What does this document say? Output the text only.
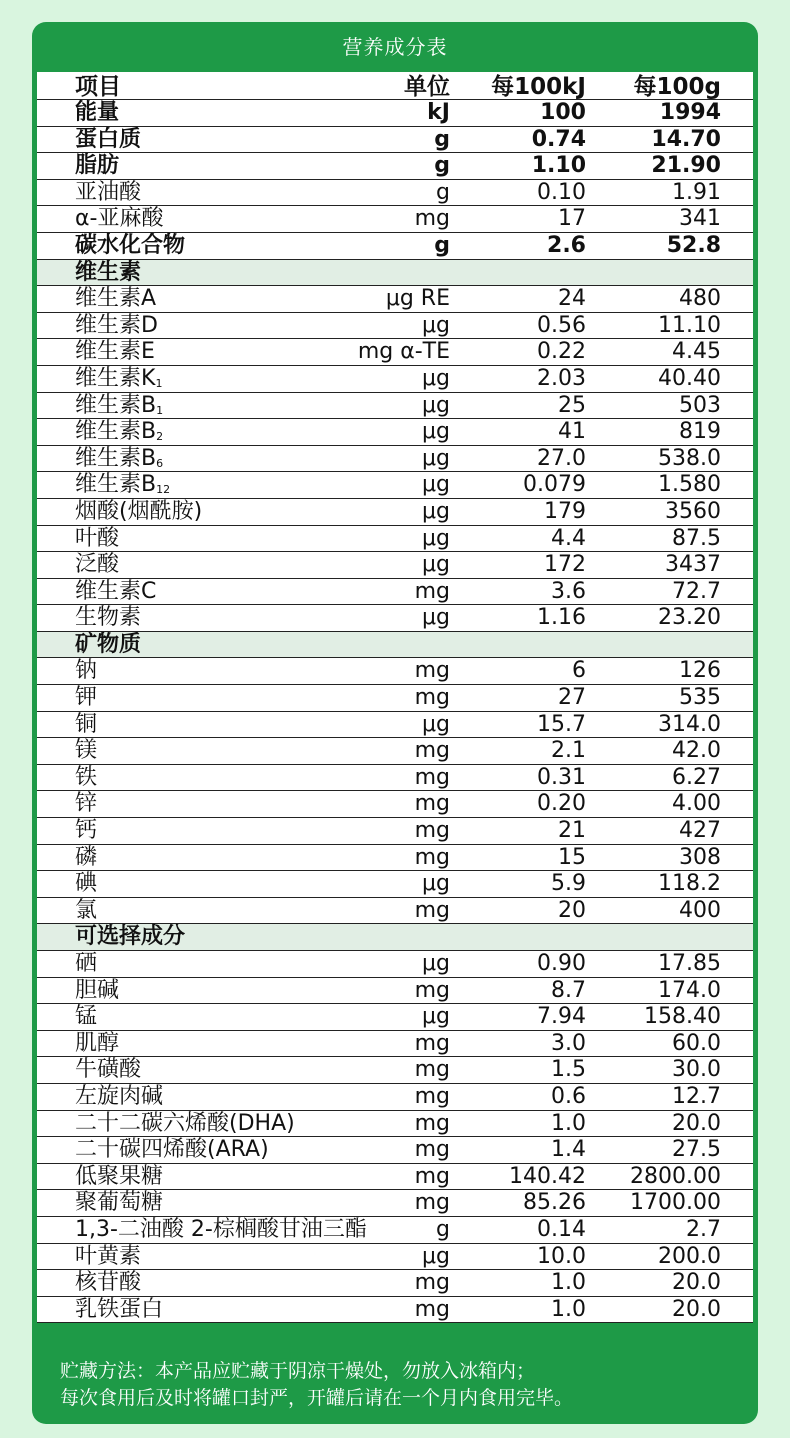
营养成分表
项目	单位 每100kJ 每100g
能量	kJ	100	1994
蛋白质	g	0.74	14.70
脂肪	g	1.10	21.90
亚油酸	g	0.10	1.91
α-亚麻酸	mg	17	341
碳水化合物	g	2.6	52.8
维生素
维生素A	μg RE	24	480
维生素D	μg	0.56	11.10
维生素E	mg α-TE	0.22	4.45
维生素$K_1$	μg	2.03	40.40
维生素$B_1$	μg	25	503
维生素$B_2$	μg	41	819
维生素$B_6$	μg	27.0	538.0
维生素$B_{12}$	μg	0.079	1.580
烟酸(烟酰胺)	μg	179	3560
叶酸	μg	4.4	87.5
泛酸	μg	172	3437
维生素C	mg	3.6	72.7
生物素	μg	1.16	23.20
矿物质
钠	mg	6	126
钾	mg	27	535
铜	μg	15.7	314.0
镁	mg	2.1	42.0
铁	mg	0.31	6.27
锌	mg	0.20	4.00
钙	mg	21	427
磷	mg	15	308
碘	μg	5.9	118.2
氯	mg	20	400
可选择成分
硒	μg	0.90	17.85
胆碱	mg	8.7	174.0
锰	μg	7.94	158.40
肌醇	mg	3.0	60.0
牛磺酸	mg	1.5	30.0
左旋肉碱	mg	0.6	12.7
二十二碳六烯酸(DHA)	mg	1.0	20.0
二十碳四烯酸(ARA)	mg	1.4	27.5
低聚果糖	mg	140.42 2800.00
聚葡萄糖	mg	85.26 1700.00
1,3-二油酸 2-棕榈酸甘油三酯	g	0.14	2.7
叶黄素	μg	10.0	200.0
核苷酸	mg	1.0	20.0
乳铁蛋白	mg	1.0	20.0
贮藏方法：本产品应贮藏于阴凉干燥处，勿放入冰箱内；
每次食用后及时将罐口封严，开罐后请在一个月内食用完毕。
